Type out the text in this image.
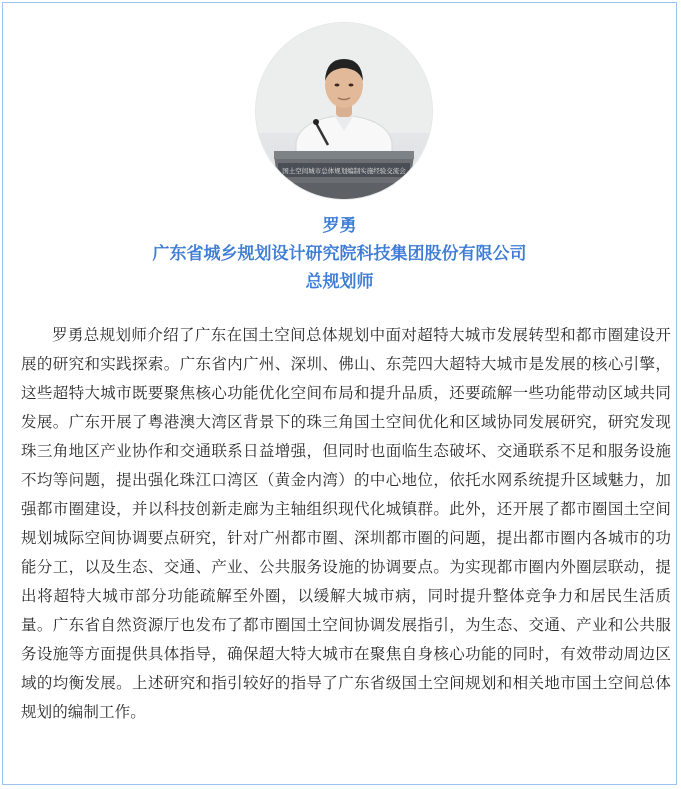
国土空间城市总体规划编制实施经验交流会
罗勇
广东省城乡规划设计研究院科技集团股份有限公司
总规划师

罗勇总规划师介绍了广东在国土空间总体规划中面对超特大城市发展转型和都市圈建设开展的研究和实践探索。广东省内广州、深圳、佛山、东莞四大超特大城市是发展的核心引擎，这些超特大城市既要聚焦核心功能优化空间布局和提升品质，还要疏解一些功能带动区域共同发展。广东开展了粤港澳大湾区背景下的珠三角国土空间优化和区域协同发展研究，研究发现珠三角地区产业协作和交通联系日益增强，但同时也面临生态破坏、交通联系不足和服务设施不均等问题，提出强化珠江口湾区（黄金内湾）的中心地位，依托水网系统提升区域魅力，加强都市圈建设，并以科技创新走廊为主轴组织现代化城镇群。此外，还开展了都市圈国土空间规划城际空间协调要点研究，针对广州都市圈、深圳都市圈的问题，提出都市圈内各城市的功能分工，以及生态、交通、产业、公共服务设施的协调要点。为实现都市圈内外圈层联动，提出将超特大城市部分功能疏解至外圈，以缓解大城市病，同时提升整体竞争力和居民生活质量。广东省自然资源厅也发布了都市圈国土空间协调发展指引，为生态、交通、产业和公共服务设施等方面提供具体指导，确保超大特大城市在聚焦自身核心功能的同时，有效带动周边区域的均衡发展。上述研究和指引较好的指导了广东省级国土空间规划和相关地市国土空间总体规划的编制工作。
